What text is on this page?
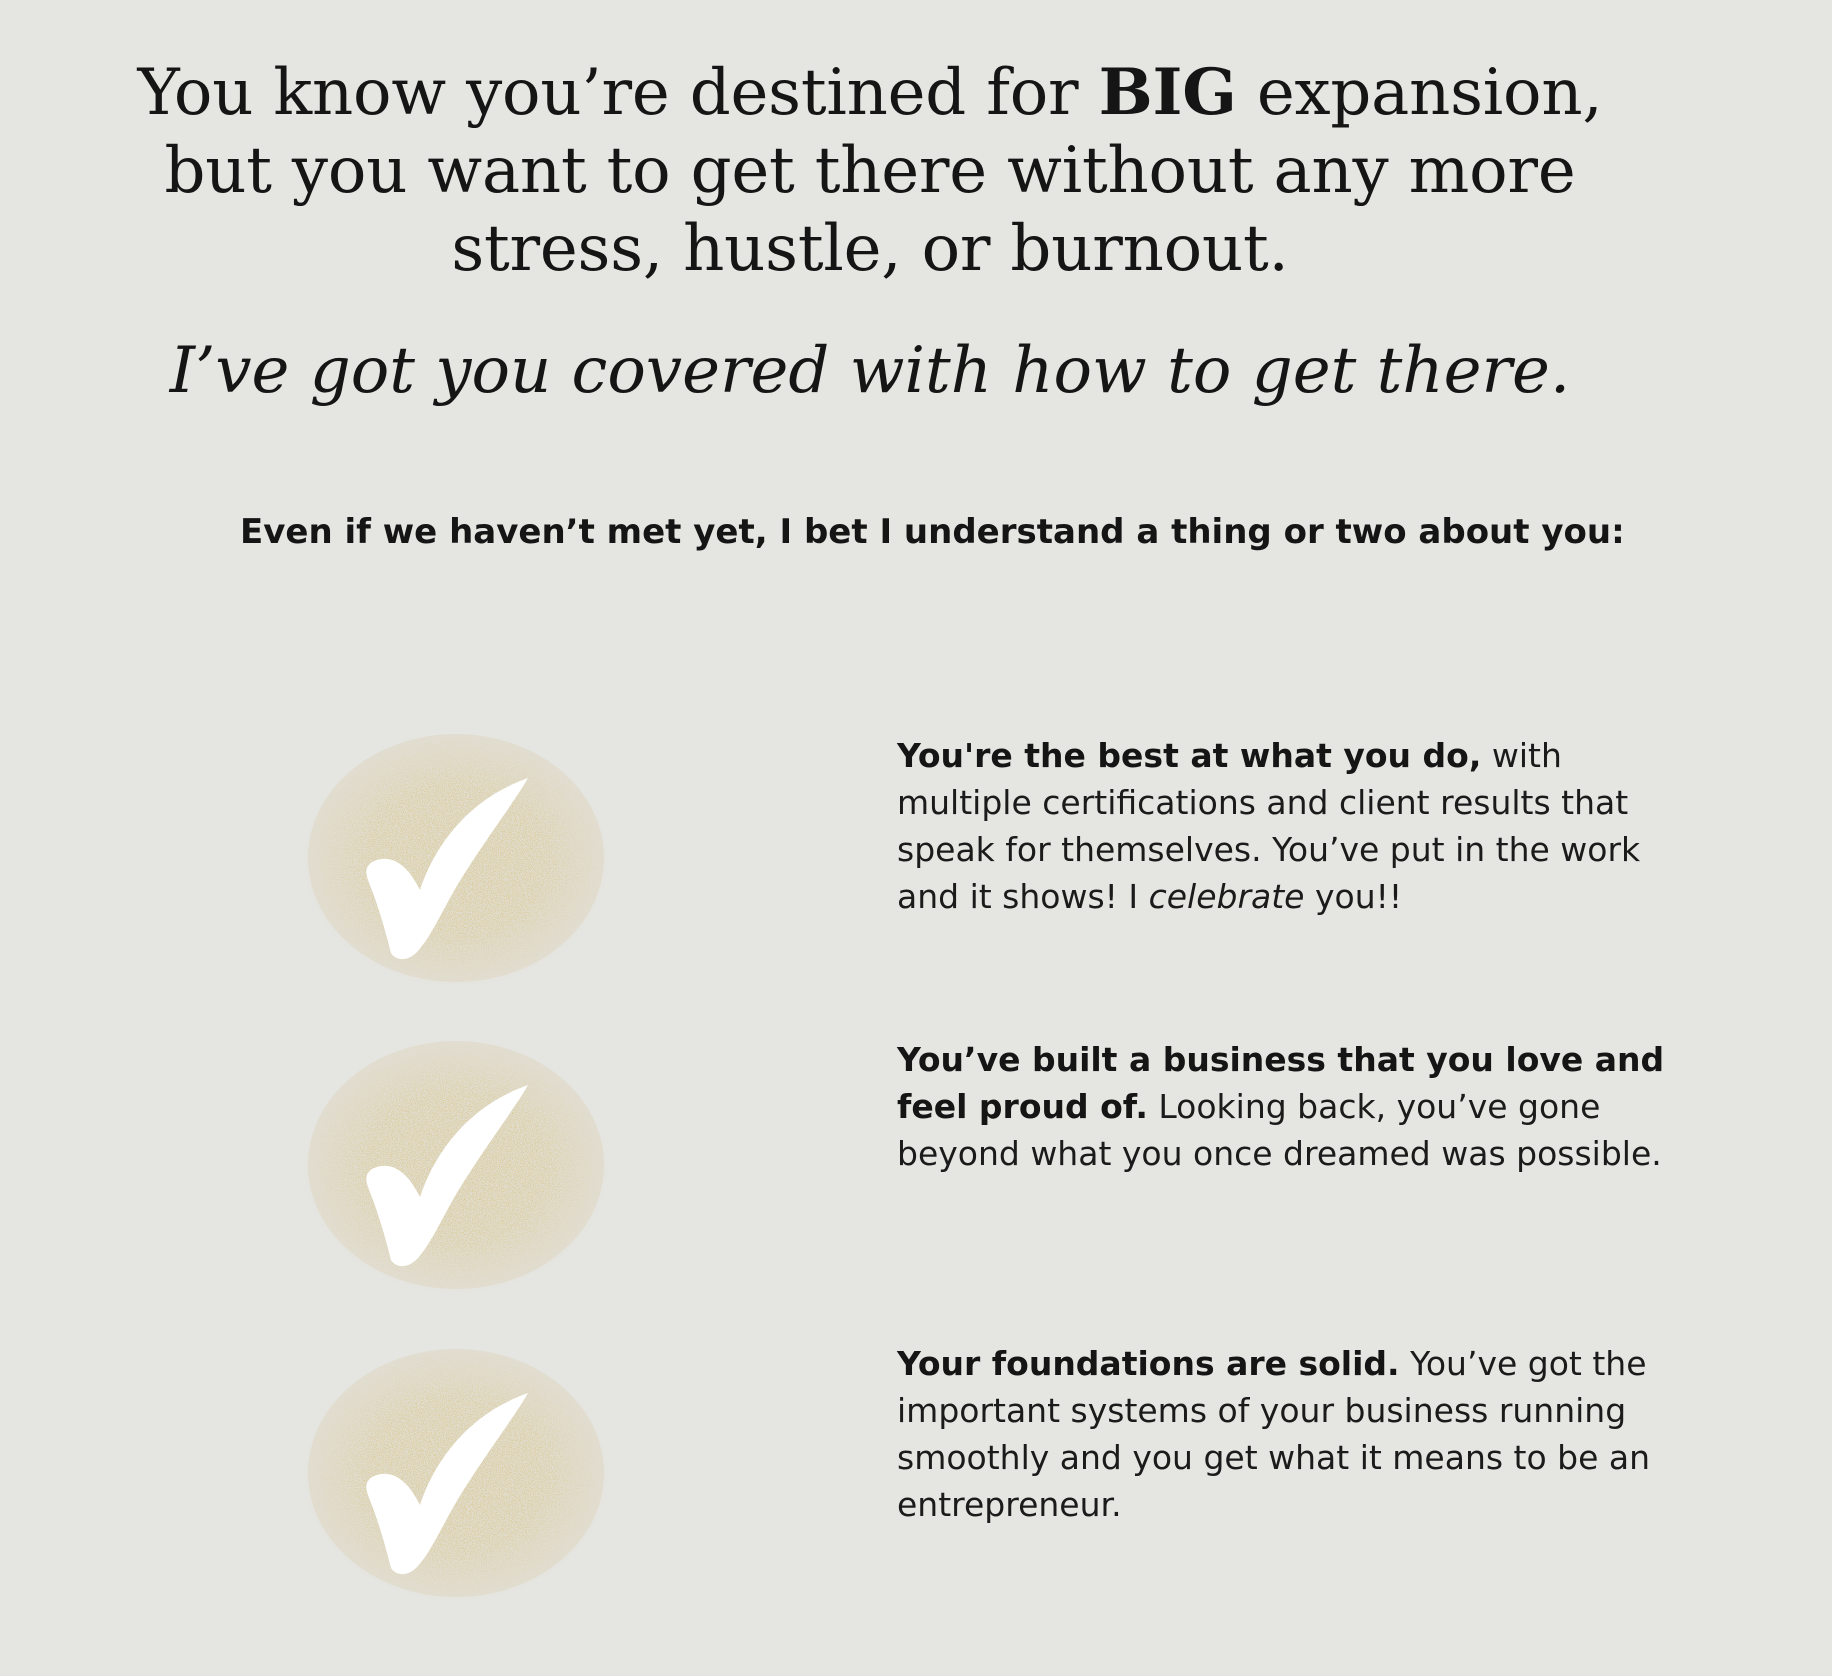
You know you’re destined for BIG expansion, but you want to get there without any more stress, hustle, or burnout.
I’ve got you covered with how to get there.

Even if we haven’t met yet, I bet I understand a thing or two about you:

You're the best at what you do, with multiple certifications and client results that speak for themselves. You’ve put in the work and it shows! I celebrate you!!

You’ve built a business that you love and feel proud of. Looking back, you’ve gone beyond what you once dreamed was possible.

Your foundations are solid. You’ve got the important systems of your business running smoothly and you get what it means to be an entrepreneur.
